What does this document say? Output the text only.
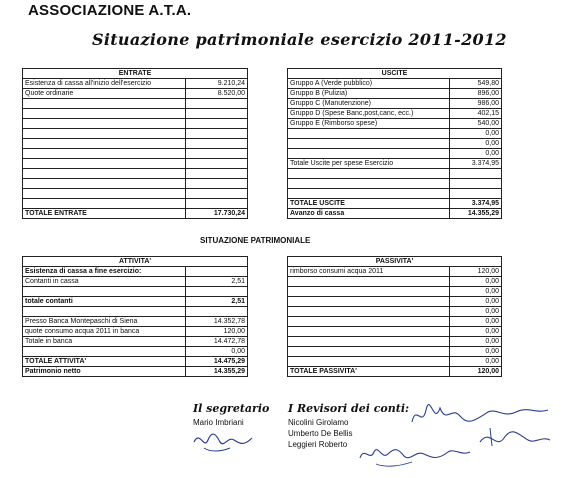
ASSOCIAZIONE A.T.A.
Situazione patrimoniale esercizio 2011-2012
ENTRATE	
Esistenza di cassa all'inizio dell'esercizio	9.210,24
Quote ordinarie	8.520,00

TOTALE ENTRATE	17.730,24
USCITE	
Gruppo A (Verde pubblico)	549,80
Gruppo B (Pulizia)	896,00
Gruppo C (Manutenzione)	986,00
Gruppo D (Spese Banc,post,canc, ecc.)	402,15
Gruppo E (Rimborso spese)	540,00
	0,00
	0,00
	0,00
Totale Uscite per spese Esercizio	3.374,95

TOTALE USCITE	3.374,95
Avanzo di cassa	14.355,29
SITUAZIONE PATRIMONIALE
ATTIVITA'	
Esistenza di cassa a fine esercizio:	
Contanti in cassa	2,51

totale contanti	2,51

Presso Banca Montepaschi di Siena	14.352,78
quote consumo acqua 2011 in banca	120,00
Totale in banca	14.472,78
	0,00
TOTALE ATTIVITA'	14.475,29
Patrimonio netto	14.355,29
PASSIVITA'	
rimborso consumi acqua 2011	120,00
	0,00
	0,00
	0,00
	0,00
	0,00
	0,00
	0,00
	0,00
	0,00
TOTALE PASSIVITA'	120,00
Il segretario
Mario Imbriani
I Revisori dei conti:
Nicolini Girolamo
Umberto De Bellis
Leggieri Roberto
